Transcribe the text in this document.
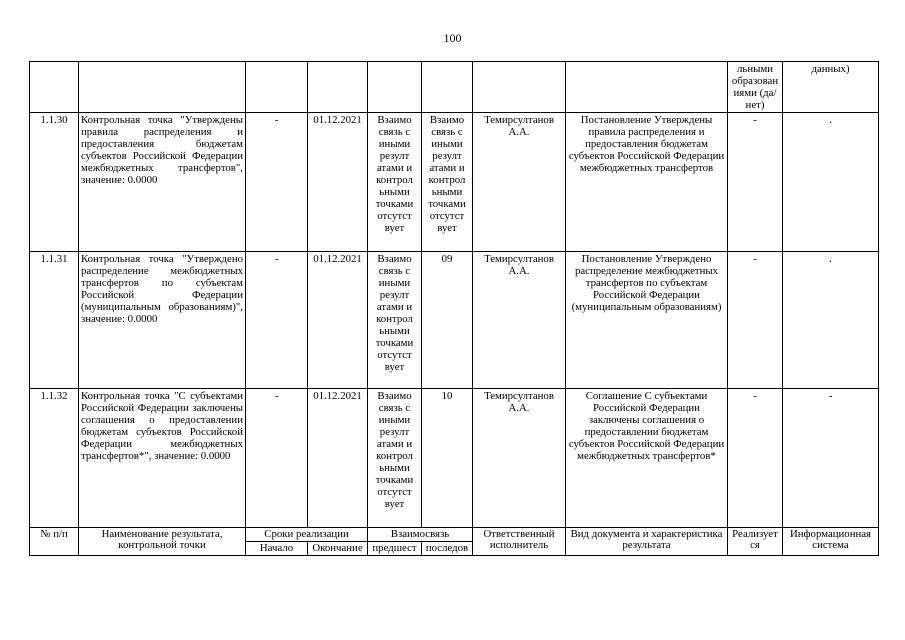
100
								льными образован иями (да/нет)	данных)
1.1.30	Контрольная точка "Утверждены правила распределения и предоставления бюджетам субъектов Российской Федерации межбюджетных трансфертов", значение: 0.0000	-	01.12.2021	Взаимо связь с иными резулт атами и контрол ьными точками отсутст вует	Взаимо связь с иными резулт атами и контрол ьными точками отсутст вует	Темирсултанов А.А.	Постановление Утверждены правила распределения и предоставления бюджетам субъектов Российской Федерации межбюджетных трансфертов	-	.
1.1.31	Контрольная точка "Утверждено распределение межбюджетных трансфертов по субъектам Российской Федерации (муниципальным образованиям)", значение: 0.0000	-	01.12.2021	Взаимо связь с иными резулт атами и контрол ьными точками отсутст вует	09	Темирсултанов А.А.	Постановление Утверждено распределение межбюджетных трансфертов по субъектам Российской Федерации (муниципальным образованиям)	-	.
1.1.32	Контрольная точка "С субъектами Российской Федерации заключены соглашения о предоставлении бюджетам субъектов Российской Федерации межбюджетных трансфертов*", значение: 0.0000	-	01.12.2021	Взаимо связь с иными резулт атами и контрол ьными точками отсутст вует	10	Темирсултанов А.А.	Соглашение С субъектами Российской Федерации заключены соглашения о предоставлении бюджетам субъектов Российской Федерации межбюджетных трансфертов*	-	-
№ п/п	Наименование результата, контрольной точки	Сроки реализации		Взаимосвязь		Ответственный исполнитель	Вид документа и характеристика результата	Реализуется	Информационная система
		Начало	Окончание	предшест	последов				
